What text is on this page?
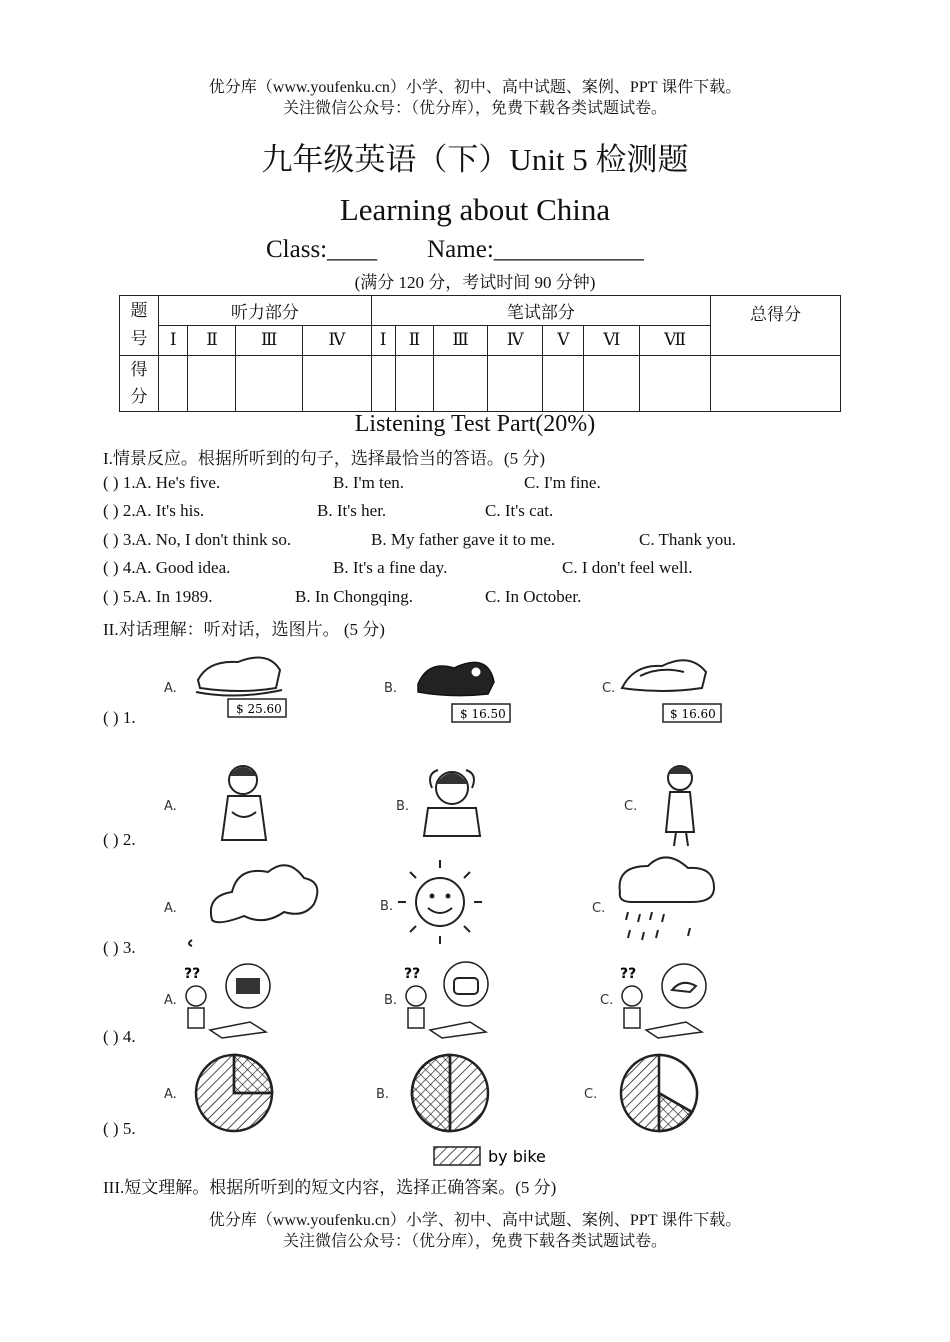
优分库（www.youfenku.cn）小学、初中、高中试题、案例、PPT 课件下载。
关注微信公众号：（优分库），免费下载各类试题试卷。
九年级英语（下）Unit 5 检测题
Learning about China
Class:____        Name:____________
(满分 120 分，考试时间 90 分钟)
题
号	听力部分				笔试部分							总得分
	Ⅰ	Ⅱ	Ⅲ	Ⅳ	Ⅰ	Ⅱ	Ⅲ	Ⅳ	Ⅴ	Ⅵ	Ⅶ	

得
分												

Listening Test Part(20%)
I.情景反应。根据所听到的句子，选择最恰当的答语。(5 分)
( ) 1. A. He's five.	B. I'm ten.	C. I'm fine.
( ) 2. A. It's his.	B. It's her.	C. It's cat.
( ) 3. A. No, I don't think so.	B. My father gave it to me.	C. Thank you.
( ) 4. A. Good idea.	B. It's a fine day.	C. I don't feel well.
( ) 5. A. In 1989.	B. In Chongqing.	C. In October.
II.对话理解：听对话，选图片。 (5 分)
( ) 1.
( ) 2.
( ) 3.
( ) 4.
( ) 5.
A.
$ 25.60
B.
$ 16.50
C.
$ 16.60
A.	B.	C.
A.	B.	C.
A.
??
B.
??
C.
??
A.	B.	C.
by bike
III.短文理解。根据所听到的短文内容，选择正确答案。(5 分)
优分库（www.youfenku.cn）小学、初中、高中试题、案例、PPT 课件下载。
关注微信公众号：（优分库），免费下载各类试题试卷。
